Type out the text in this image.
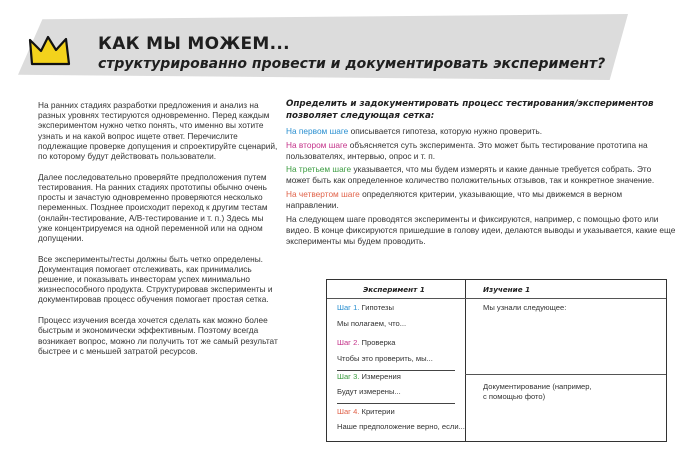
КАК МЫ МОЖЕМ...
структурированно провести и документировать эксперимент?

На ранних стадиях разработки предложения и анализ на разных уровнях тестируются одновременно. Перед каждым экспериментом нужно четко понять, что именно вы хотите узнать и на какой вопрос ищете ответ. Перечислите подлежащие проверке допущения и спроектируйте сценарий, по которому будут действовать пользователи.

Далее последовательно проверяйте предположения путем тестирования. На ранних стадиях прототипы обычно очень просты и зачастую одновременно проверяются несколько переменных. Позднее происходит переход к другим тестам (онлайн-тестирование, A/B-тестирование и т. п.) Здесь мы уже концентрируемся на одной переменной или на одном допущении.

Все эксперименты/тесты должны быть четко определены. Документация помогает отслеживать, как принимались решение, и показывать инвесторам успех минимально жизнеспособного продукта. Структурировав эксперименты и документировав процесс обучения помогает простая сетка.

Процесс изучения всегда хочется сделать как можно более быстрым и экономически эффективным. Поэтому всегда возникает вопрос, можно ли получить тот же самый результат быстрее и с меньшей затратой ресурсов.

Определить и задокументировать процесс тестирования/экспериментов позволяет следующая сетка:

На первом шаге описывается гипотеза, которую нужно проверить.

На втором шаге объясняется суть эксперимента. Это может быть тестирование прототипа на пользователях, интервью, опрос и т. п.

На третьем шаге указывается, что мы будем измерять и какие данные требуется собрать. Это может быть как определенное количество положительных отзывов, так и конкретное значение.

На четвертом шаге определяются критерии, указывающие, что мы движемся в верном направлении.

На следующем шаге проводятся эксперименты и фиксируются, например, с помощью фото или видео. В конце фиксируются пришедшие в голову идеи, делаются выводы и указывается, какие еще эксперименты мы будем проводить.

Эксперимент 1	Изучение 1
Шаг 1. Гипотезы
Мы полагаем, что...
Шаг 2. Проверка
Чтобы это проверить, мы...
Шаг 3. Измерения
Будут измерены...
Шаг 4. Критерии
Наше предположение верно, если...
Мы узнали следующее:
Документирование (например,
с помощью фото)
